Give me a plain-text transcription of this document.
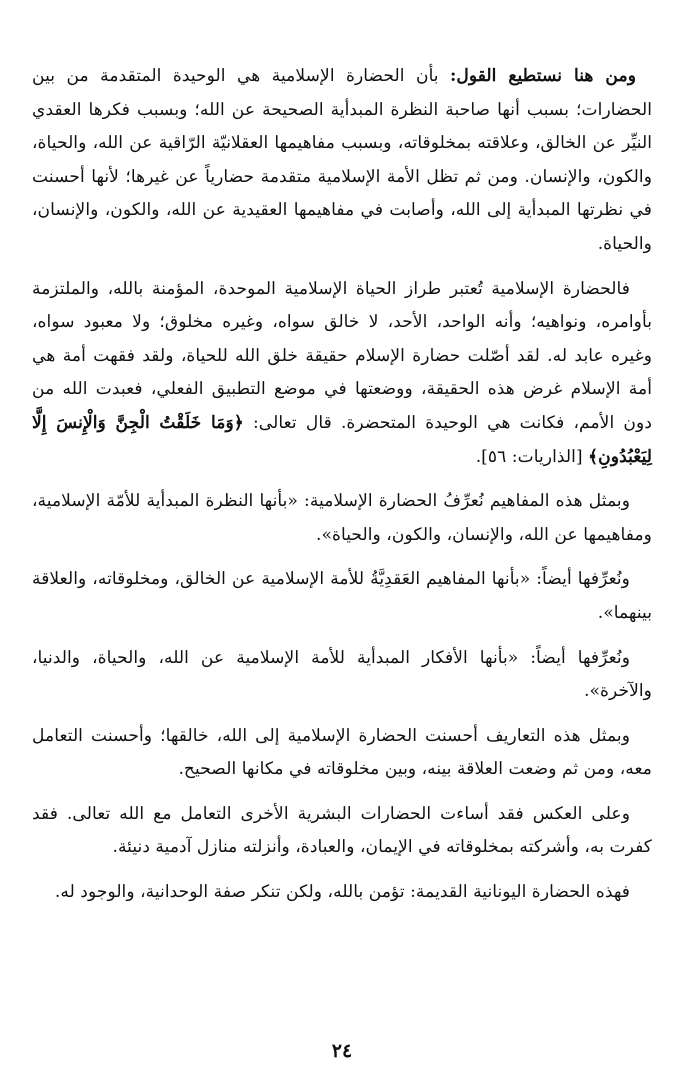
ومن هنا نستطيع القول: بأن الحضارة الإسلامية هي الوحيدة المتقدمة من بين الحضارات؛ بسبب أنها صاحبة النظرة المبدأية الصحيحة عن الله؛ وبسبب فكرها العقدي النيِّر عن الخالق، وعلاقته بمخلوقاته، وبسبب مفاهيمها العقلانيّة الرّاقية عن الله، والحياة، والكون، والإنسان. ومن ثم تظل الأمة الإسلامية متقدمة حضارياً عن غيرها؛ لأنها أحسنت في نظرتها المبدأية إلى الله، وأصابت في مفاهيمها العقيدية عن الله، والكون، والإنسان، والحياة.

فالحضارة الإسلامية تُعتبر طراز الحياة الإسلامية الموحدة، المؤمنة بالله، والملتزمة بأوامره، ونواهيه؛ وأنه الواحد، الأحد، لا خالق سواه، وغيره مخلوق؛ ولا معبود سواه، وغيره عابد له. لقد أصّلت حضارة الإسلام حقيقة خلق الله للحياة، ولقد فقهت أمة هي أمة الإسلام غرض هذه الحقيقة، ووضعتها في موضع التطبيق الفعلي، فعبدت الله من دون الأمم، فكانت هي الوحيدة المتحضرة. قال تعالى: ﴿وَمَا خَلَقْتُ الْجِنَّ وَالْإِنسَ إِلَّا لِيَعْبُدُونِ﴾ [الذاريات: ٥٦].

وبمثل هذه المفاهيم نُعرِّفُ الحضارة الإسلامية: «بأنها النظرة المبدأية للأمّة الإسلامية، ومفاهيمها عن الله، والإنسان، والكون، والحياة».

ونُعرِّفها أيضاً: «بأنها المفاهيم العَقدِيَّةُ للأمة الإسلامية عن الخالق، ومخلوقاته، والعلاقة بينهما».

ونُعرِّفها أيضاً: «بأنها الأفكار المبدأية للأمة الإسلامية عن الله، والحياة، والدنيا، والآخرة».

وبمثل هذه التعاريف أحسنت الحضارة الإسلامية إلى الله، خالقها؛ وأحسنت التعامل معه، ومن ثم وضعت العلاقة بينه، وبين مخلوقاته في مكانها الصحيح.

وعلى العكس فقد أساءت الحضارات البشرية الأخرى التعامل مع الله تعالى. فقد كفرت به، وأشركته بمخلوقاته في الإيمان، والعبادة، وأنزلته منازل آدمية دنيئة.

فهذه الحضارة اليونانية القديمة: تؤمن بالله، ولكن تنكر صفة الوحدانية، والوجود له.

٢٤
